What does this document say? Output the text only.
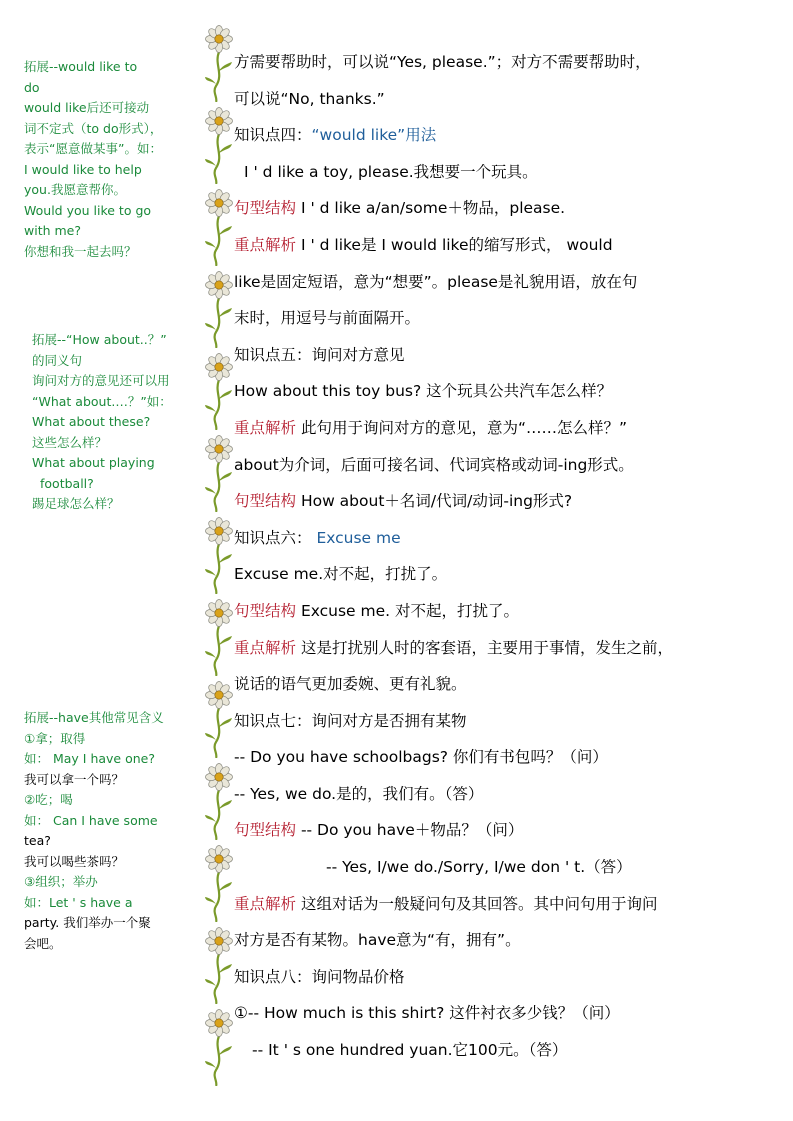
拓展--would like to
do
would like后还可接动
词不定式（to do形式），
表示“愿意做某事”。如：
I would like to help
you.我愿意帮你。
Would you like to go
with me?
你想和我一起去吗？
拓展--“How about..？”
的同义句
询问对方的意见还可以用
“What about.…？”如：
What about these?
这些怎么样？
What about playing
football?
踢足球怎么样？
拓展--have其他常见含义
①拿；取得
如： May I have one?
我可以拿一个吗？
②吃；喝
如： Can I have some
tea?
我可以喝些茶吗？
③组织；举办
如：Let ' s have a
party. 我们举办一个聚
会吧。
方需要帮助时，可以说“Yes, please.”；对方不需要帮助时，
可以说“No, thanks.”
知识点四：“would like”用法
I ' d like a toy, please.我想要一个玩具。
句型结构 I ' d like a/an/some＋物品，please.
重点解析 I ' d like是 I would like的缩写形式， would
like是固定短语，意为“想要”。please是礼貌用语，放在句
末时，用逗号与前面隔开。
知识点五：询问对方意见
How about this toy bus? 这个玩具公共汽车怎么样？
重点解析 此句用于询问对方的意见，意为“……怎么样？”
about为介词，后面可接名词、代词宾格或动词-ing形式。
句型结构 How about＋名词/代词/动词-ing形式?
知识点六： Excuse me
Excuse me.对不起，打扰了。
句型结构 Excuse me. 对不起，打扰了。
重点解析 这是打扰别人时的客套语，主要用于事情，发生之前，
说话的语气更加委婉、更有礼貌。
知识点七：询问对方是否拥有某物
-- Do you have schoolbags? 你们有书包吗？（问）
-- Yes, we do.是的，我们有。（答）
句型结构 -- Do you have＋物品？（问）
-- Yes, I/we do./Sorry, I/we don ' t.（答）
重点解析 这组对话为一般疑问句及其回答。其中问句用于询问
对方是否有某物。have意为“有，拥有”。
知识点八：询问物品价格
①-- How much is this shirt? 这件衬衣多少钱？（问）
-- It ' s one hundred yuan.它100元。（答）
